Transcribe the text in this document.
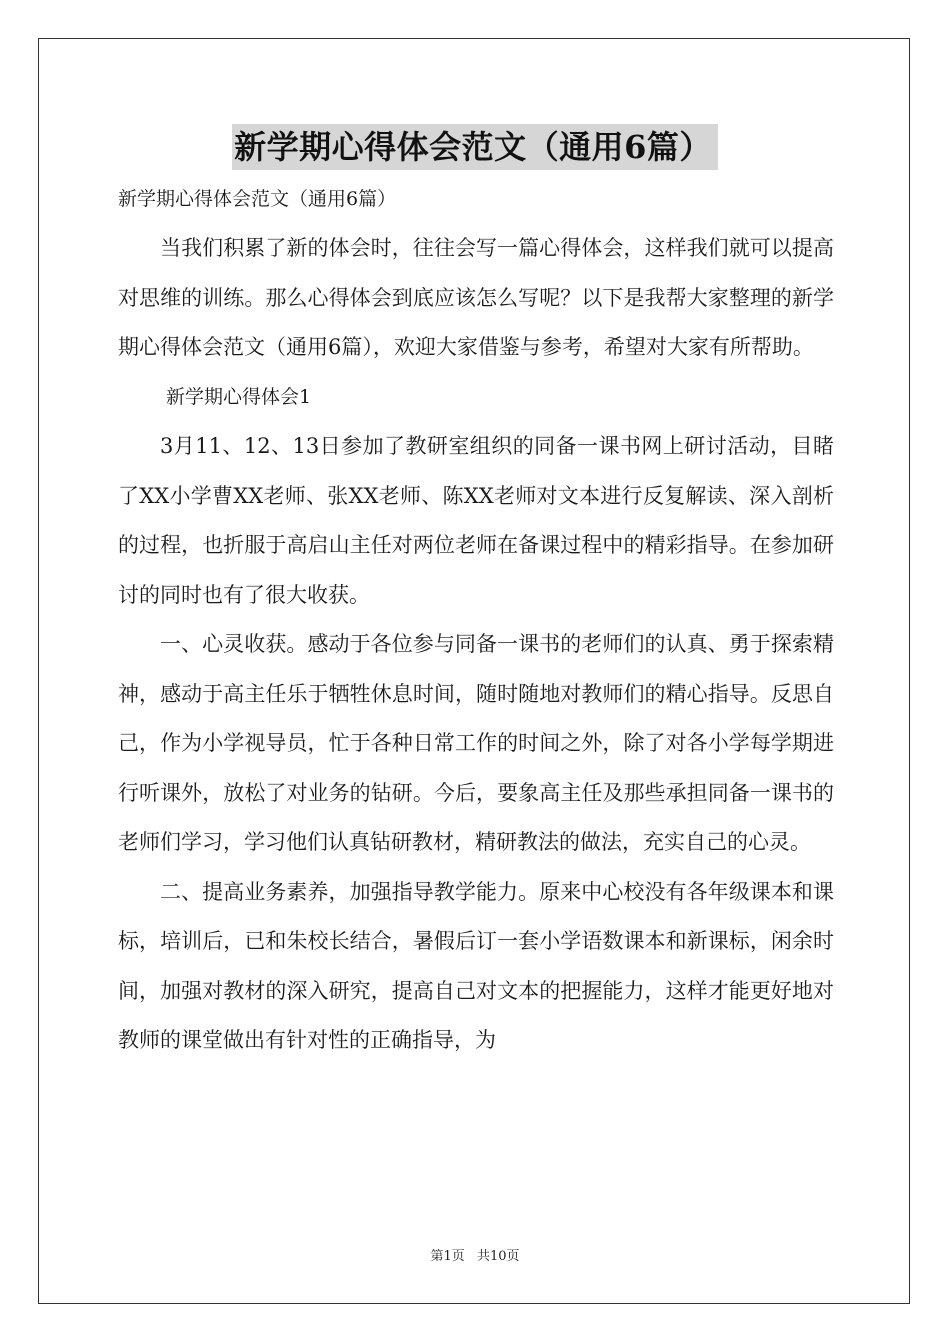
新学期心得体会范文（通用6篇）
新学期心得体会范文（通用6篇）

当我们积累了新的体会时，往往会写一篇心得体会，这样我们就可以提高对思维的训练。那么心得体会到底应该怎么写呢？以下是我帮大家整理的新学期心得体会范文（通用6篇），欢迎大家借鉴与参考，希望对大家有所帮助。

新学期心得体会1

3月11、12、13日参加了教研室组织的同备一课书网上研讨活动，目睹了XX小学曹XX老师、张XX老师、陈XX老师对文本进行反复解读、深入剖析的过程，也折服于高启山主任对两位老师在备课过程中的精彩指导。在参加研讨的同时也有了很大收获。

一、心灵收获。感动于各位参与同备一课书的老师们的认真、勇于探索精神，感动于高主任乐于牺牲休息时间，随时随地对教师们的精心指导。反思自己，作为小学视导员，忙于各种日常工作的时间之外，除了对各小学每学期进行听课外，放松了对业务的钻研。今后，要象高主任及那些承担同备一课书的老师们学习，学习他们认真钻研教材，精研教法的做法，充实自己的心灵。

二、提高业务素养，加强指导教学能力。原来中心校没有各年级课本和课标，培训后，已和朱校长结合，暑假后订一套小学语数课本和新课标，闲余时间，加强对教材的深入研究，提高自己对文本的把握能力，这样才能更好地对教师的课堂做出有针对性的正确指导，为

第1页 共10页
